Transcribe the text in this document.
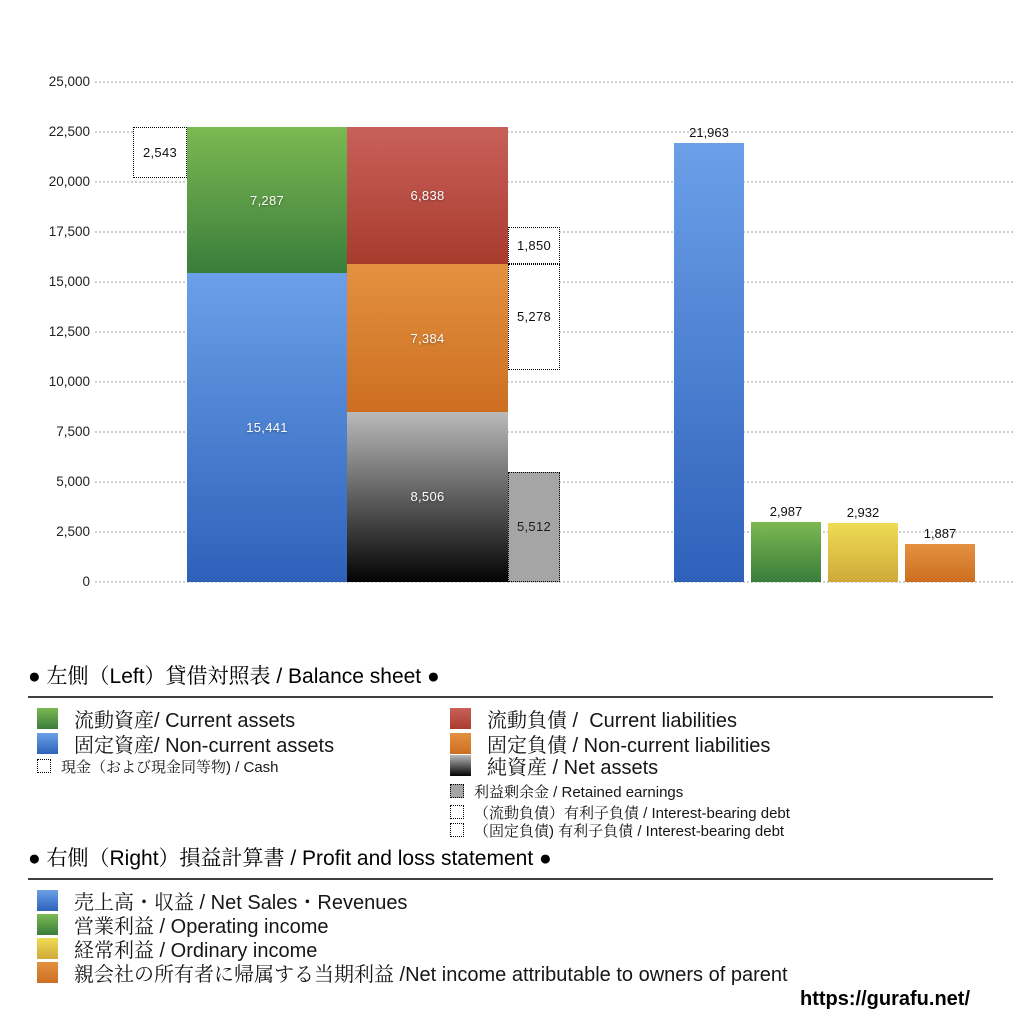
0
2,500
5,000
7,500
10,000
12,500
15,000
17,500
20,000
22,500
25,000
7,287
15,441
6,838
7,384
8,506
2,543
1,850
5,278
5,512
21,963
2,987	2,932
1,887
● 左側（Left）貸借対照表 / Balance sheet ●
流動資産/ Current assets
固定資産/ Non-current assets
現金（および現金同等物) / Cash
流動負債 /  Current liabilities
固定負債 / Non-current liabilities
純資産 / Net assets
利益剰余金 / Retained earnings
（流動負債）有利子負債 / Interest-bearing debt
（固定負債) 有利子負債 / Interest-bearing debt
● 右側（Right）損益計算書 / Profit and loss statement ●
売上高・収益 / Net Sales・Revenues
営業利益 / Operating income
経常利益 / Ordinary income
親会社の所有者に帰属する当期利益 /Net income attributable to owners of parent
https://gurafu.net/
